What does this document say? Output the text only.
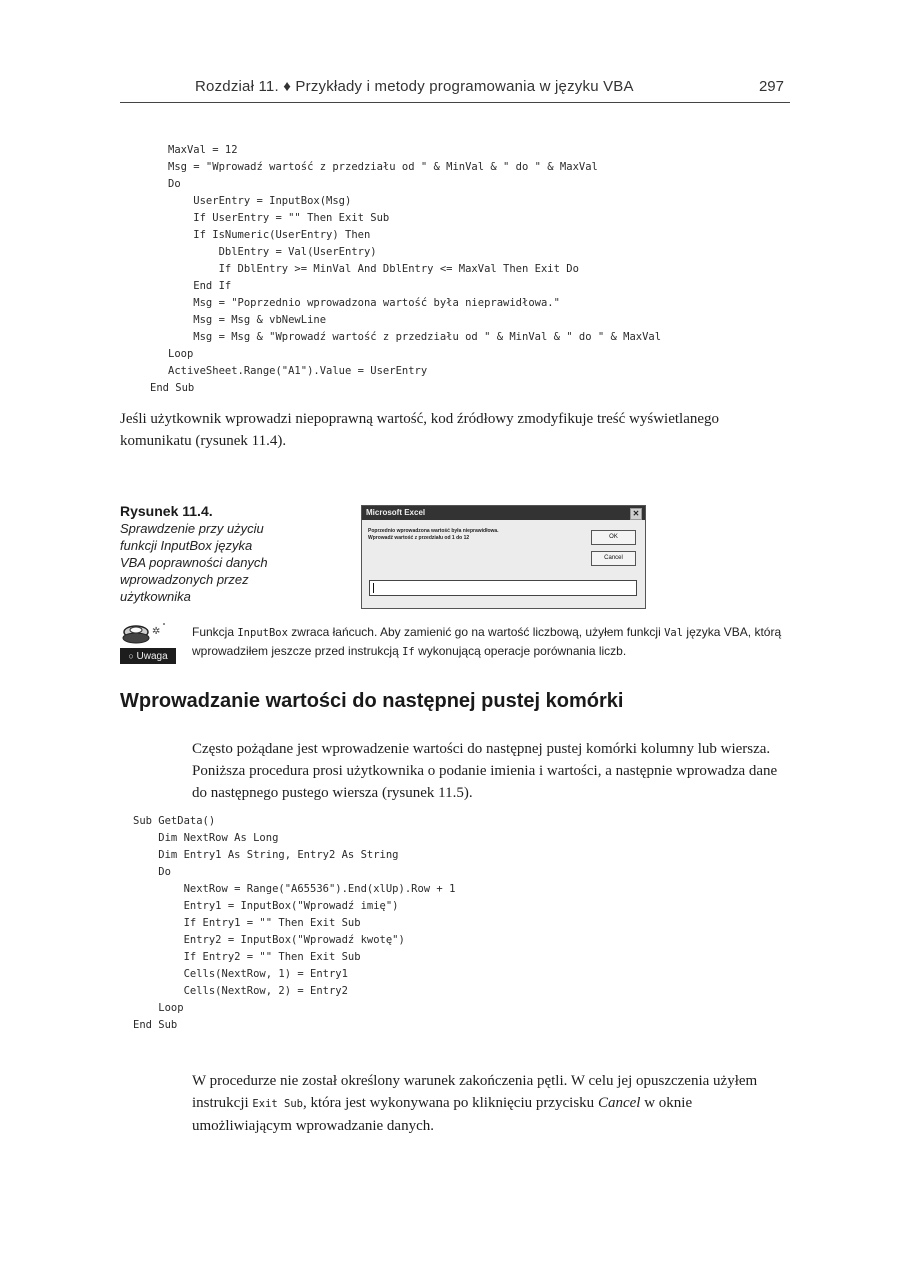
Rozdział 11. ♦ Przykłady i metody programowania w języku VBA	297
MaxVal = 12
Msg = "Wprowadź wartość z przedziału od " & MinVal & " do " & MaxVal
Do
UserEntry = InputBox(Msg)
If UserEntry = "" Then Exit Sub
If IsNumeric(UserEntry) Then
DblEntry = Val(UserEntry)
If DblEntry >= MinVal And DblEntry <= MaxVal Then Exit Do
End If
Msg = "Poprzednio wprowadzona wartość była nieprawidłowa."
Msg = Msg & vbNewLine
Msg = Msg & "Wprowadź wartość z przedziału od " & MinVal & " do " & MaxVal
Loop
ActiveSheet.Range("A1").Value = UserEntry
End Sub

Jeśli użytkownik wprowadzi niepoprawną wartość, kod źródłowy zmodyfikuje treść wyświetlanego komunikatu (rysunek 11.4).

Rysunek 11.4.
Sprawdzenie przy użyciu funkcji InputBox języka VBA poprawności danych wprowadzonych przez użytkownika
Microsoft Excel	✕
Poprzednio wprowadzona wartość była nieprawidłowa.
Wprowadź wartość z przedziału od 1 do 12	OK
Cancel
✲ ˚
○ Uwaga

Funkcja InputBox zwraca łańcuch. Aby zamienić go na wartość liczbową, użyłem funkcji Val języka VBA, którą wprowadziłem jeszcze przed instrukcją If wykonującą operacje porównania liczb.

Wprowadzanie wartości do następnej pustej komórki

Często pożądane jest wprowadzenie wartości do następnej pustej komórki kolumny lub wiersza. Poniższa procedura prosi użytkownika o podanie imienia i wartości, a następnie wprowadza dane do następnego pustego wiersza (rysunek 11.5).

Sub GetData()
Dim NextRow As Long
Dim Entry1 As String, Entry2 As String
Do
NextRow = Range("A65536").End(xlUp).Row + 1
Entry1 = InputBox("Wprowadź imię")
If Entry1 = "" Then Exit Sub
Entry2 = InputBox("Wprowadź kwotę")
If Entry2 = "" Then Exit Sub
Cells(NextRow, 1) = Entry1
Cells(NextRow, 2) = Entry2
Loop
End Sub

W procedurze nie został określony warunek zakończenia pętli. W celu jej opuszczenia użyłem instrukcji Exit Sub, która jest wykonywana po kliknięciu przycisku Cancel w oknie umożliwiającym wprowadzanie danych.
